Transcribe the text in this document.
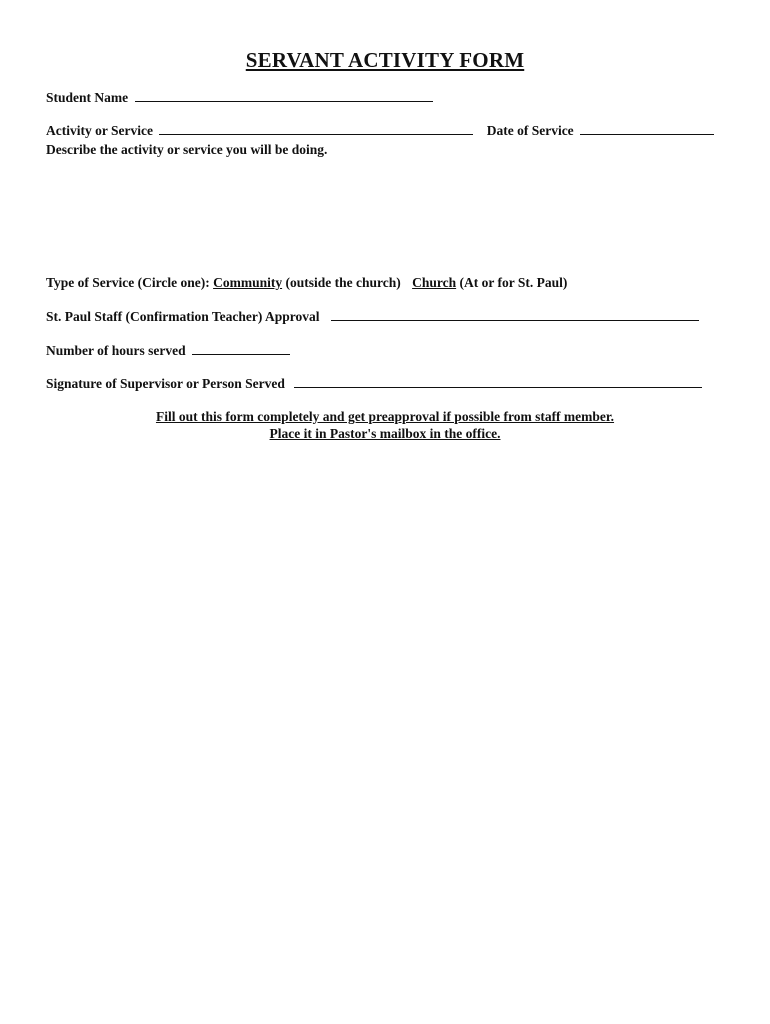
SERVANT ACTIVITY FORM
Student Name
Activity or Service	Date of Service
Describe the activity or service you will be doing.
Type of Service (Circle one): Community (outside the church) Church (At or for St. Paul)
St. Paul Staff (Confirmation Teacher) Approval
Number of hours served
Signature of Supervisor or Person Served
Fill out this form completely and get preapproval if possible from staff member.
Place it in Pastor's mailbox in the office.
